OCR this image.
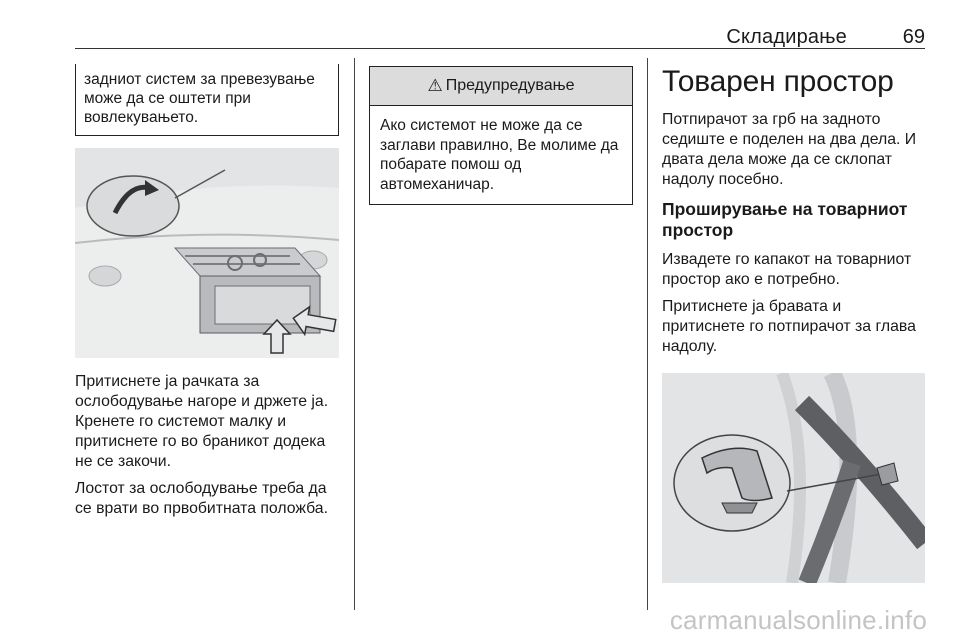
Складирање	69
задниот систем за превезување може да се оштети при вовлекувањето.

Притиснете ја рачката за ослободување нагоре и држете ја. Кренете го системот малку и притиснете го во браникот додека не се закочи.

Лостот за ослободување треба да се врати во првобитната положба.

⚠ Предупредување
Ако системот не може да се заглави правилно, Ве молиме да побарате помош од автомеханичар.
Товарен простор

Потпирачот за грб на задното седиште е поделен на два дела. И двата дела може да се склопат надолу посебно.

Проширување на товарниот простор

Извадете го капакот на товарниот простор ако е потребно.

Притиснете ја бравата и притиснете го потпирачот за глава надолу.

carmanualsonline.info
